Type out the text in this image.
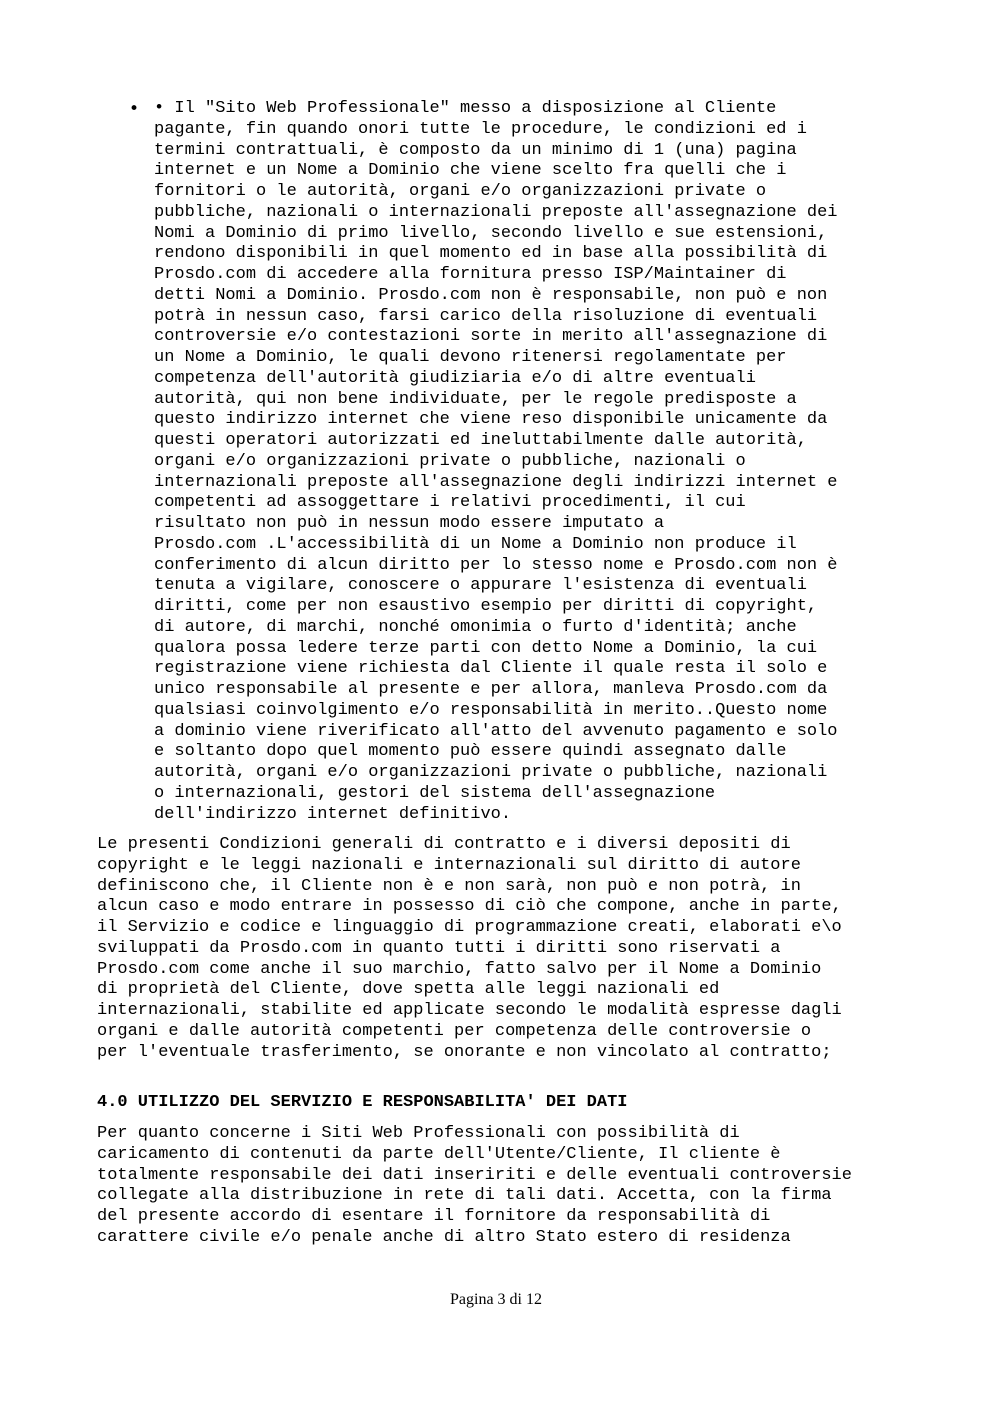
• • Il "Sito Web Professionale" messo a disposizione al Cliente
pagante, fin quando onori tutte le procedure, le condizioni ed i
termini contrattuali, è composto da un minimo di 1 (una) pagina
internet e un Nome a Dominio che viene scelto fra quelli che i
fornitori o le autorità, organi e/o organizzazioni private o
pubbliche, nazionali o internazionali preposte all'assegnazione dei
Nomi a Dominio di primo livello, secondo livello e sue estensioni,
rendono disponibili in quel momento ed in base alla possibilità di
Prosdo.com di accedere alla fornitura presso ISP/Maintainer di
detti Nomi a Dominio. Prosdo.com non è responsabile, non può e non
potrà in nessun caso, farsi carico della risoluzione di eventuali
controversie e/o contestazioni sorte in merito all'assegnazione di
un Nome a Dominio, le quali devono ritenersi regolamentate per
competenza dell'autorità giudiziaria e/o di altre eventuali
autorità, qui non bene individuate, per le regole predisposte a
questo indirizzo internet che viene reso disponibile unicamente da
questi operatori autorizzati ed ineluttabilmente dalle autorità,
organi e/o organizzazioni private o pubbliche, nazionali o
internazionali preposte all'assegnazione degli indirizzi internet e
competenti ad assoggettare i relativi procedimenti, il cui
risultato non può in nessun modo essere imputato a
Prosdo.com .L'accessibilità di un Nome a Dominio non produce il
conferimento di alcun diritto per lo stesso nome e Prosdo.com non è
tenuta a vigilare, conoscere o appurare l'esistenza di eventuali
diritti, come per non esaustivo esempio per diritti di copyright,
di autore, di marchi, nonché omonimia o furto d'identità; anche
qualora possa ledere terze parti con detto Nome a Dominio, la cui
registrazione viene richiesta dal Cliente il quale resta il solo e
unico responsabile al presente e per allora, manleva Prosdo.com da
qualsiasi coinvolgimento e/o responsabilità in merito..Questo nome
a dominio viene riverificato all'atto del avvenuto pagamento e solo
e soltanto dopo quel momento può essere quindi assegnato dalle
autorità, organi e/o organizzazioni private o pubbliche, nazionali
o internazionali, gestori del sistema dell'assegnazione
dell'indirizzo internet definitivo.
Le presenti Condizioni generali di contratto e i diversi depositi di
copyright e le leggi nazionali e internazionali sul diritto di autore
definiscono che, il Cliente non è e non sarà, non può e non potrà, in
alcun caso e modo entrare in possesso di ciò che compone, anche in parte,
il Servizio e codice e linguaggio di programmazione creati, elaborati e\o
sviluppati da Prosdo.com in quanto tutti i diritti sono riservati a
Prosdo.com come anche il suo marchio, fatto salvo per il Nome a Dominio
di proprietà del Cliente, dove spetta alle leggi nazionali ed
internazionali, stabilite ed applicate secondo le modalità espresse dagli
organi e dalle autorità competenti per competenza delle controversie o
per l'eventuale trasferimento, se onorante e non vincolato al contratto;
4.0 UTILIZZO DEL SERVIZIO E RESPONSABILITA' DEI DATI
Per quanto concerne i Siti Web Professionali con possibilità di
caricamento di contenuti da parte dell'Utente/Cliente, Il cliente è
totalmente responsabile dei dati inseririti e delle eventuali controversie
collegate alla distribuzione in rete di tali dati. Accetta, con la firma
del presente accordo di esentare il fornitore da responsabilità di
carattere civile e/o penale anche di altro Stato estero di residenza
Pagina 3 di 12
